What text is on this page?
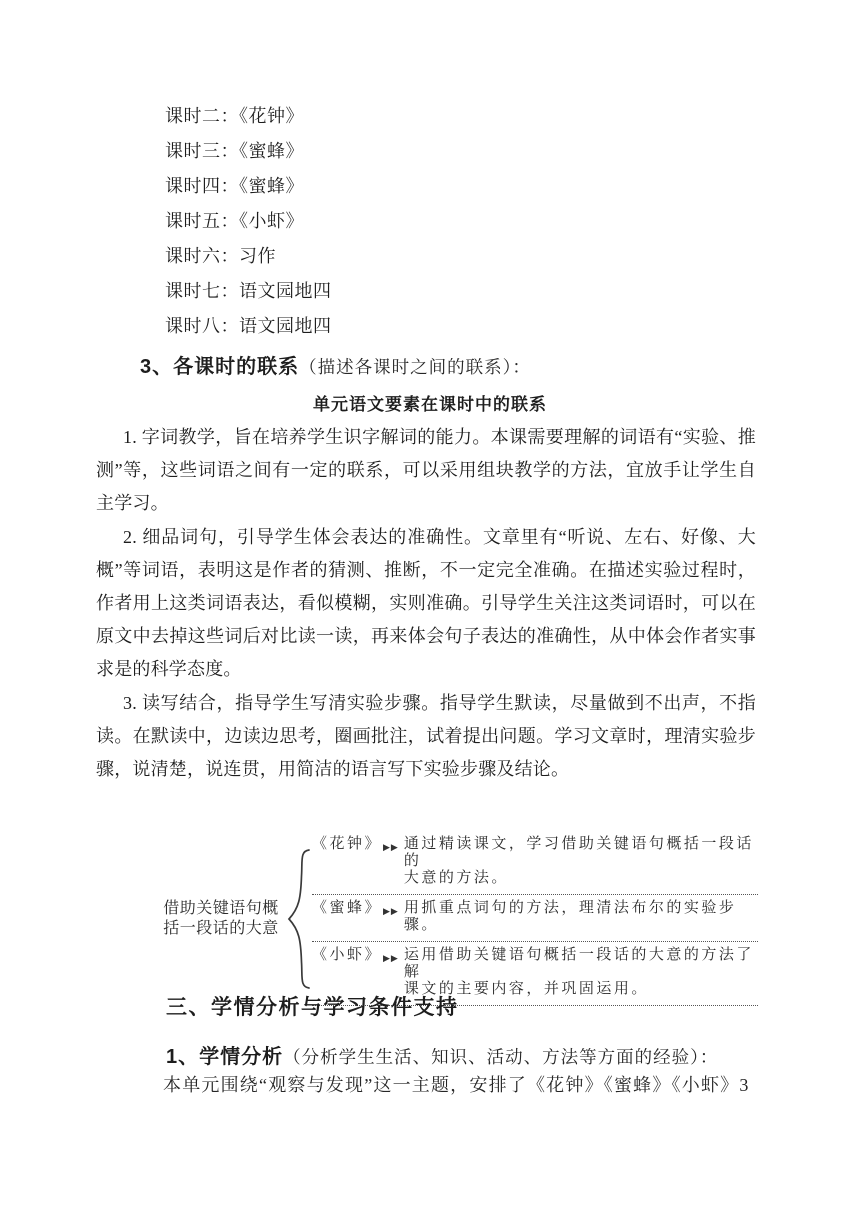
课时二：《花钟》
课时三：《蜜蜂》
课时四：《蜜蜂》
课时五：《小虾》
课时六：习作
课时七：语文园地四
课时八：语文园地四
3、各课时的联系 （描述各课时之间的联系）：
单元语文要素在课时中的联系

1. 字词教学，旨在培养学生识字解词的能力。本课需要理解的词语有“实验、推测”等，这些词语之间有一定的联系，可以采用组块教学的方法，宜放手让学生自主学习。

2. 细品词句，引导学生体会表达的准确性。文章里有“听说、左右、好像、大概”等词语，表明这是作者的猜测、推断，不一定完全准确。在描述实验过程时，作者用上这类词语表达，看似模糊，实则准确。引导学生关注这类词语时，可以在原文中去掉这些词后对比读一读，再来体会句子表达的准确性，从中体会作者实事求是的科学态度。

3. 读写结合，指导学生写清实验步骤。指导学生默读，尽量做到不出声，不指读。在默读中，边读边思考，圈画批注，试着提出问题。学习文章时，理清实验步骤，说清楚，说连贯，用简洁的语言写下实验步骤及结论。

借助关键语句概
括一段话的大意
《花钟》 ▶▶ 通过精读课文，学习借助关键语句概括一段话的
大意的方法。
《蜜蜂》 ▶▶ 用抓重点词句的方法，理清法布尔的实验步骤。
《小虾》 ▶▶ 运用借助关键语句概括一段话的大意的方法了解
课文的主要内容，并巩固运用。
三、学情分析与学习条件支持
1、学情分析 （分析学生生活、知识、活动、方法等方面的经验）：
本单元围绕“观察与发现”这一主题，安排了《花钟》《蜜蜂》《小虾》3
